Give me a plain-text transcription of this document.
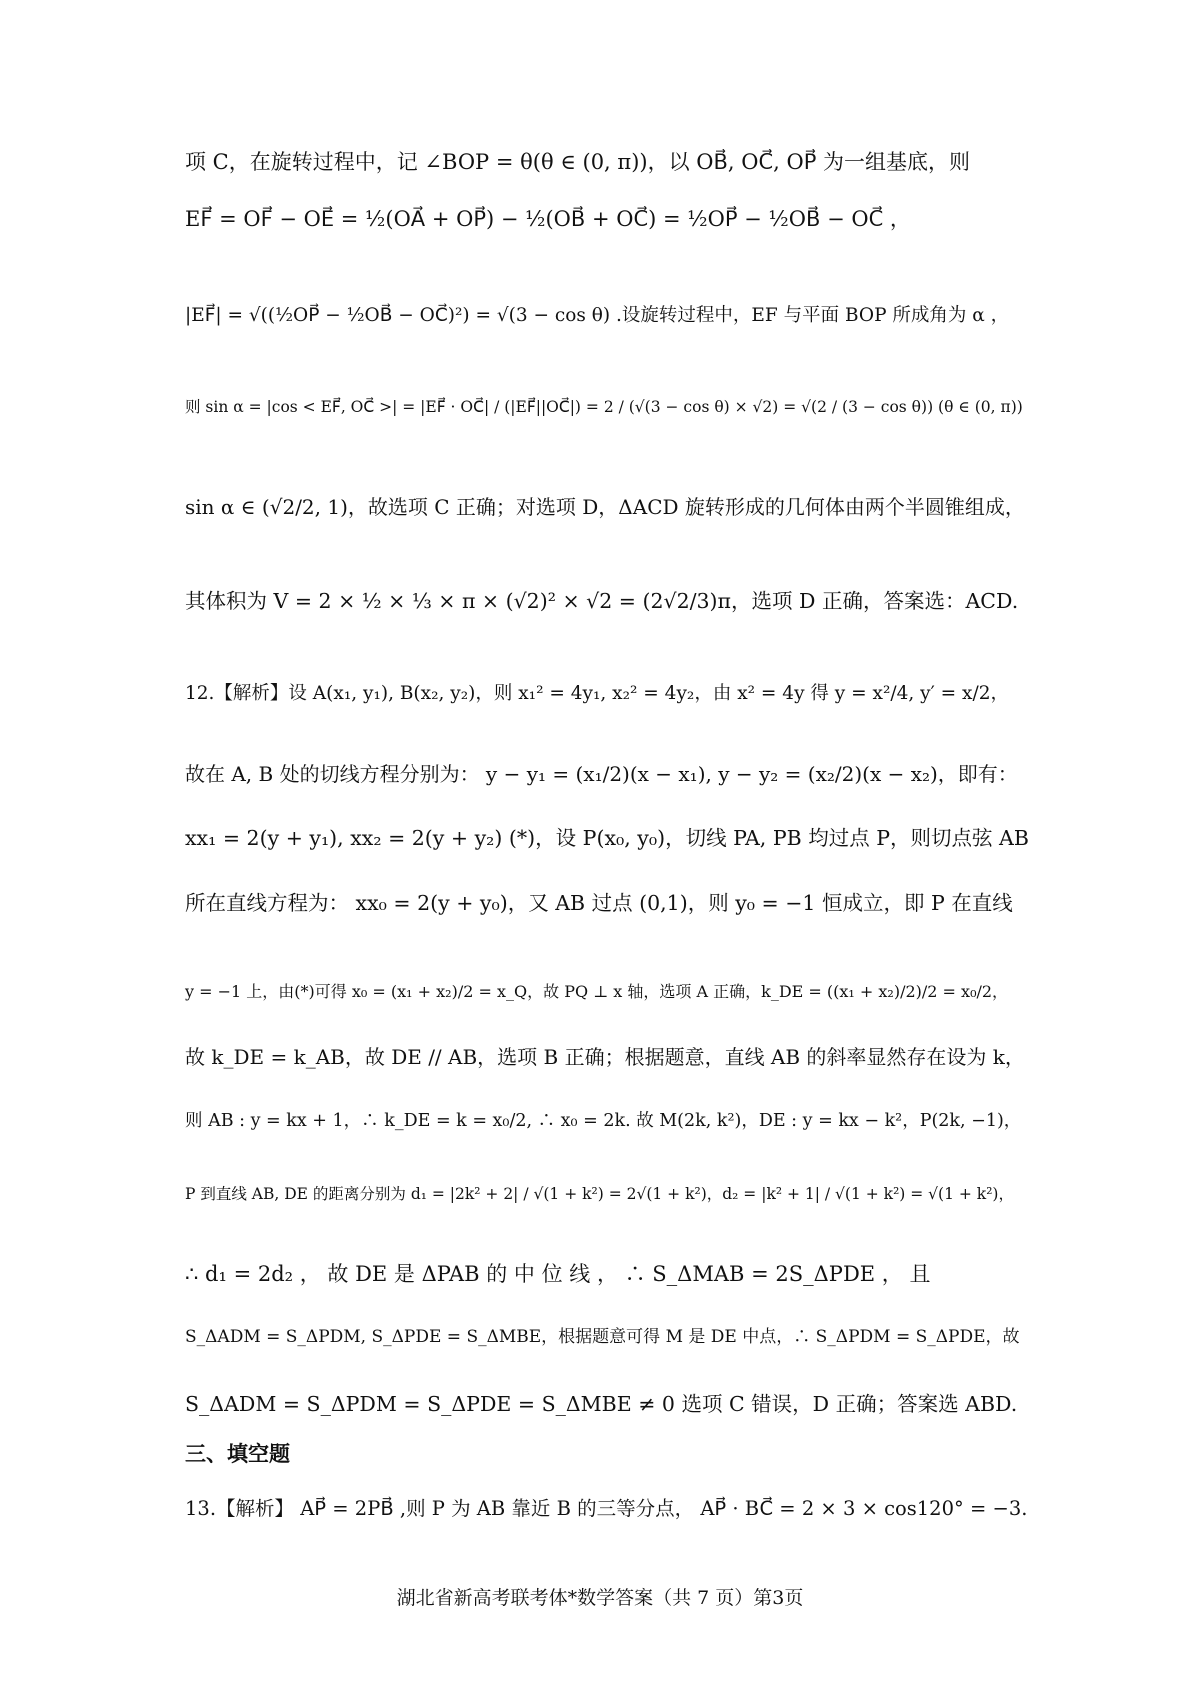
项 C，在旋转过程中，记 ∠BOP = θ(θ ∈ (0, π))，以 OB⃗, OC⃗, OP⃗ 为一组基底，则
EF⃗ = OF⃗ − OE⃗ = ½(OA⃗ + OP⃗) − ½(OB⃗ + OC⃗) = ½OP⃗ − ½OB⃗ − OC⃗ ，
|EF⃗| = √((½OP⃗ − ½OB⃗ − OC⃗)²) = √(3 − cos θ) .设旋转过程中，EF 与平面 BOP 所成角为 α ，
则 sin α = |cos < EF⃗, OC⃗ >| = |EF⃗ · OC⃗| / (|EF⃗||OC⃗|) = 2 / (√(3 − cos θ) × √2) = √(2 / (3 − cos θ)) (θ ∈ (0, π))
sin α ∈ (√2/2, 1)，故选项 C 正确；对选项 D，ΔACD 旋转形成的几何体由两个半圆锥组成，
其体积为 V = 2 × ½ × ⅓ × π × (√2)² × √2 = (2√2/3)π，选项 D 正确，答案选：ACD.
12.【解析】设 A(x₁, y₁), B(x₂, y₂)，则 x₁² = 4y₁, x₂² = 4y₂，由 x² = 4y 得 y = x²/4, y′ = x/2，
故在 A, B 处的切线方程分别为： y − y₁ = (x₁/2)(x − x₁), y − y₂ = (x₂/2)(x − x₂)，即有：
xx₁ = 2(y + y₁), xx₂ = 2(y + y₂) (*)，设 P(x₀, y₀)，切线 PA, PB 均过点 P，则切点弦 AB
所在直线方程为： xx₀ = 2(y + y₀)，又 AB 过点 (0,1)，则 y₀ = −1 恒成立，即 P 在直线
y = −1 上，由(*)可得 x₀ = (x₁ + x₂)/2 = x_Q，故 PQ ⊥ x 轴，选项 A 正确，k_DE = ((x₁ + x₂)/2)/2 = x₀/2，
故 k_DE = k_AB，故 DE // AB，选项 B 正确；根据题意，直线 AB 的斜率显然存在设为 k，
则 AB : y = kx + 1，∴ k_DE = k = x₀/2, ∴ x₀ = 2k. 故 M(2k, k²)，DE : y = kx − k²，P(2k, −1)，
P 到直线 AB, DE 的距离分别为 d₁ = |2k² + 2| / √(1 + k²) = 2√(1 + k²)，d₂ = |k² + 1| / √(1 + k²) = √(1 + k²)，
∴ d₁ = 2d₂ ， 故 DE 是 ΔPAB 的 中 位 线 ， ∴ S_ΔMAB = 2S_ΔPDE ， 且
S_ΔADM = S_ΔPDM, S_ΔPDE = S_ΔMBE，根据题意可得 M 是 DE 中点，∴ S_ΔPDM = S_ΔPDE，故
S_ΔADM = S_ΔPDM = S_ΔPDE = S_ΔMBE ≠ 0 选项 C 错误，D 正确；答案选 ABD.
三、填空题
13.【解析】 AP⃗ = 2PB⃗ ,则 P 为 AB 靠近 B 的三等分点， AP⃗ · BC⃗ = 2 × 3 × cos120° = −3.
湖北省新高考联考体*数学答案（共 7 页）第3页
